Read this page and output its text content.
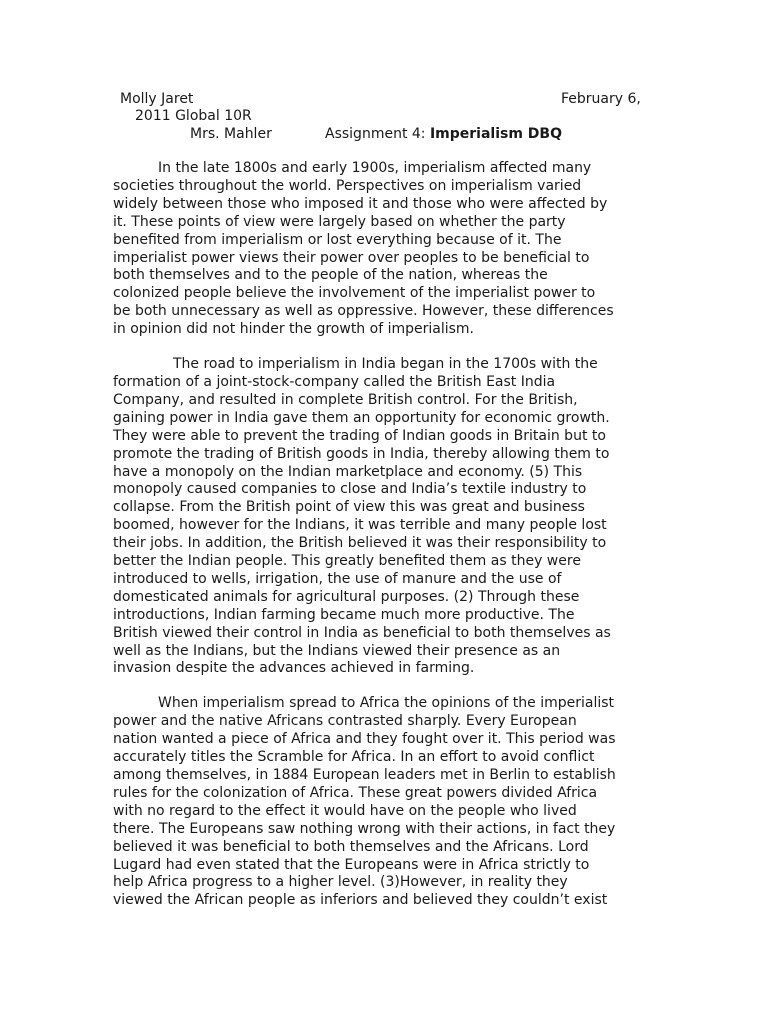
Molly Jaret	February 6,
2011 Global 10R
Mrs. Mahler	Assignment 4: Imperialism DBQ
In the late 1800s and early 1900s, imperialism affected many
societies throughout the world. Perspectives on imperialism varied
widely between those who imposed it and those who were affected by
it. These points of view were largely based on whether the party
benefited from imperialism or lost everything because of it. The
imperialist power views their power over peoples to be beneficial to
both themselves and to the people of the nation, whereas the
colonized people believe the involvement of the imperialist power to
be both unnecessary as well as oppressive. However, these differences
in opinion did not hinder the growth of imperialism.
The road to imperialism in India began in the 1700s with the
formation of a joint-stock-company called the British East India
Company, and resulted in complete British control. For the British,
gaining power in India gave them an opportunity for economic growth.
They were able to prevent the trading of Indian goods in Britain but to
promote the trading of British goods in India, thereby allowing them to
have a monopoly on the Indian marketplace and economy. (5) This
monopoly caused companies to close and India’s textile industry to
collapse. From the British point of view this was great and business
boomed, however for the Indians, it was terrible and many people lost
their jobs. In addition, the British believed it was their responsibility to
better the Indian people. This greatly benefited them as they were
introduced to wells, irrigation, the use of manure and the use of
domesticated animals for agricultural purposes. (2) Through these
introductions, Indian farming became much more productive. The
British viewed their control in India as beneficial to both themselves as
well as the Indians, but the Indians viewed their presence as an
invasion despite the advances achieved in farming.
When imperialism spread to Africa the opinions of the imperialist
power and the native Africans contrasted sharply. Every European
nation wanted a piece of Africa and they fought over it. This period was
accurately titles the Scramble for Africa. In an effort to avoid conflict
among themselves, in 1884 European leaders met in Berlin to establish
rules for the colonization of Africa. These great powers divided Africa
with no regard to the effect it would have on the people who lived
there. The Europeans saw nothing wrong with their actions, in fact they
believed it was beneficial to both themselves and the Africans. Lord
Lugard had even stated that the Europeans were in Africa strictly to
help Africa progress to a higher level. (3)However, in reality they
viewed the African people as inferiors and believed they couldn’t exist
